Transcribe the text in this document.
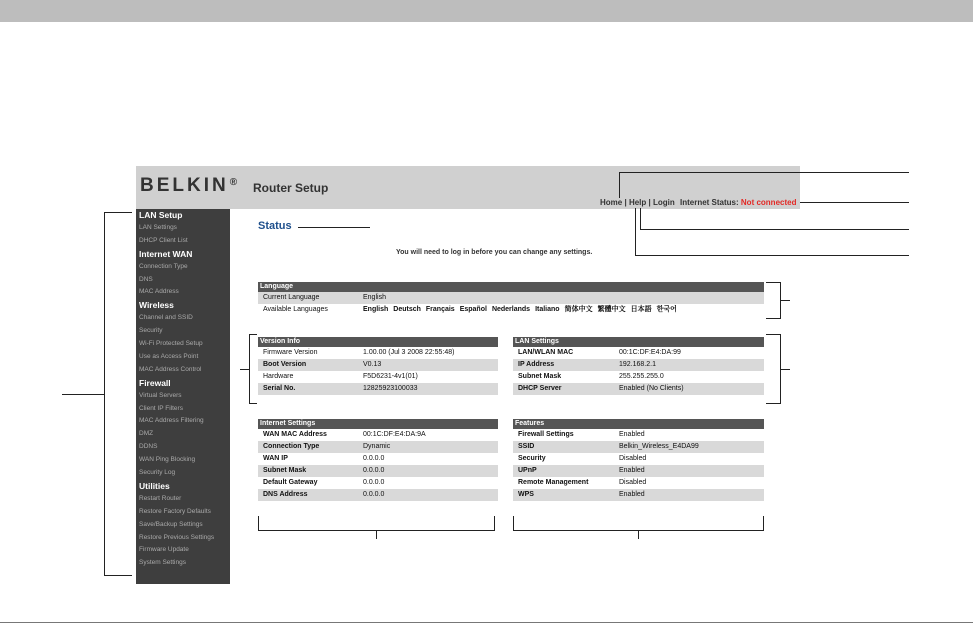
BELKIN® Router Setup
Home | Help | Login Internet Status: Not connected
LAN Setup
LAN Settings
DHCP Client List
Internet WAN
Connection Type
DNS
MAC Address
Wireless
Channel and SSID
Security
Wi-Fi Protected Setup
Use as Access Point
MAC Address Control
Firewall
Virtual Servers
Client IP Filters
MAC Address Filtering
DMZ
DDNS
WAN Ping Blocking
Security Log
Utilities
Restart Router
Restore Factory Defaults
Save/Backup Settings
Restore Previous Settings
Firmware Update
System Settings
Status
You will need to log in before you can change any settings.
Language
Current Language	English
Available Languages	English Deutsch Français Español Nederlands Italiano 简体中文 繁體中文 日本語 한국어
Version Info
Firmware Version	1.00.00 (Jul 3 2008 22:55:48)
Boot Version	V0.13
Hardware	F5D6231-4v1(01)
Serial No.	12825923100033
LAN Settings
LAN/WLAN MAC	00:1C:DF:E4:DA:99
IP Address	192.168.2.1
Subnet Mask	255.255.255.0
DHCP Server	Enabled (No Clients)
Internet Settings
WAN MAC Address	00:1C:DF:E4:DA:9A
Connection Type	Dynamic
WAN IP	0.0.0.0
Subnet Mask	0.0.0.0
Default Gateway	0.0.0.0
DNS Address	0.0.0.0
Features
Firewall Settings	Enabled
SSID	Belkin_Wireless_E4DA99
Security	Disabled
UPnP	Enabled
Remote Management	Disabled
WPS	Enabled
